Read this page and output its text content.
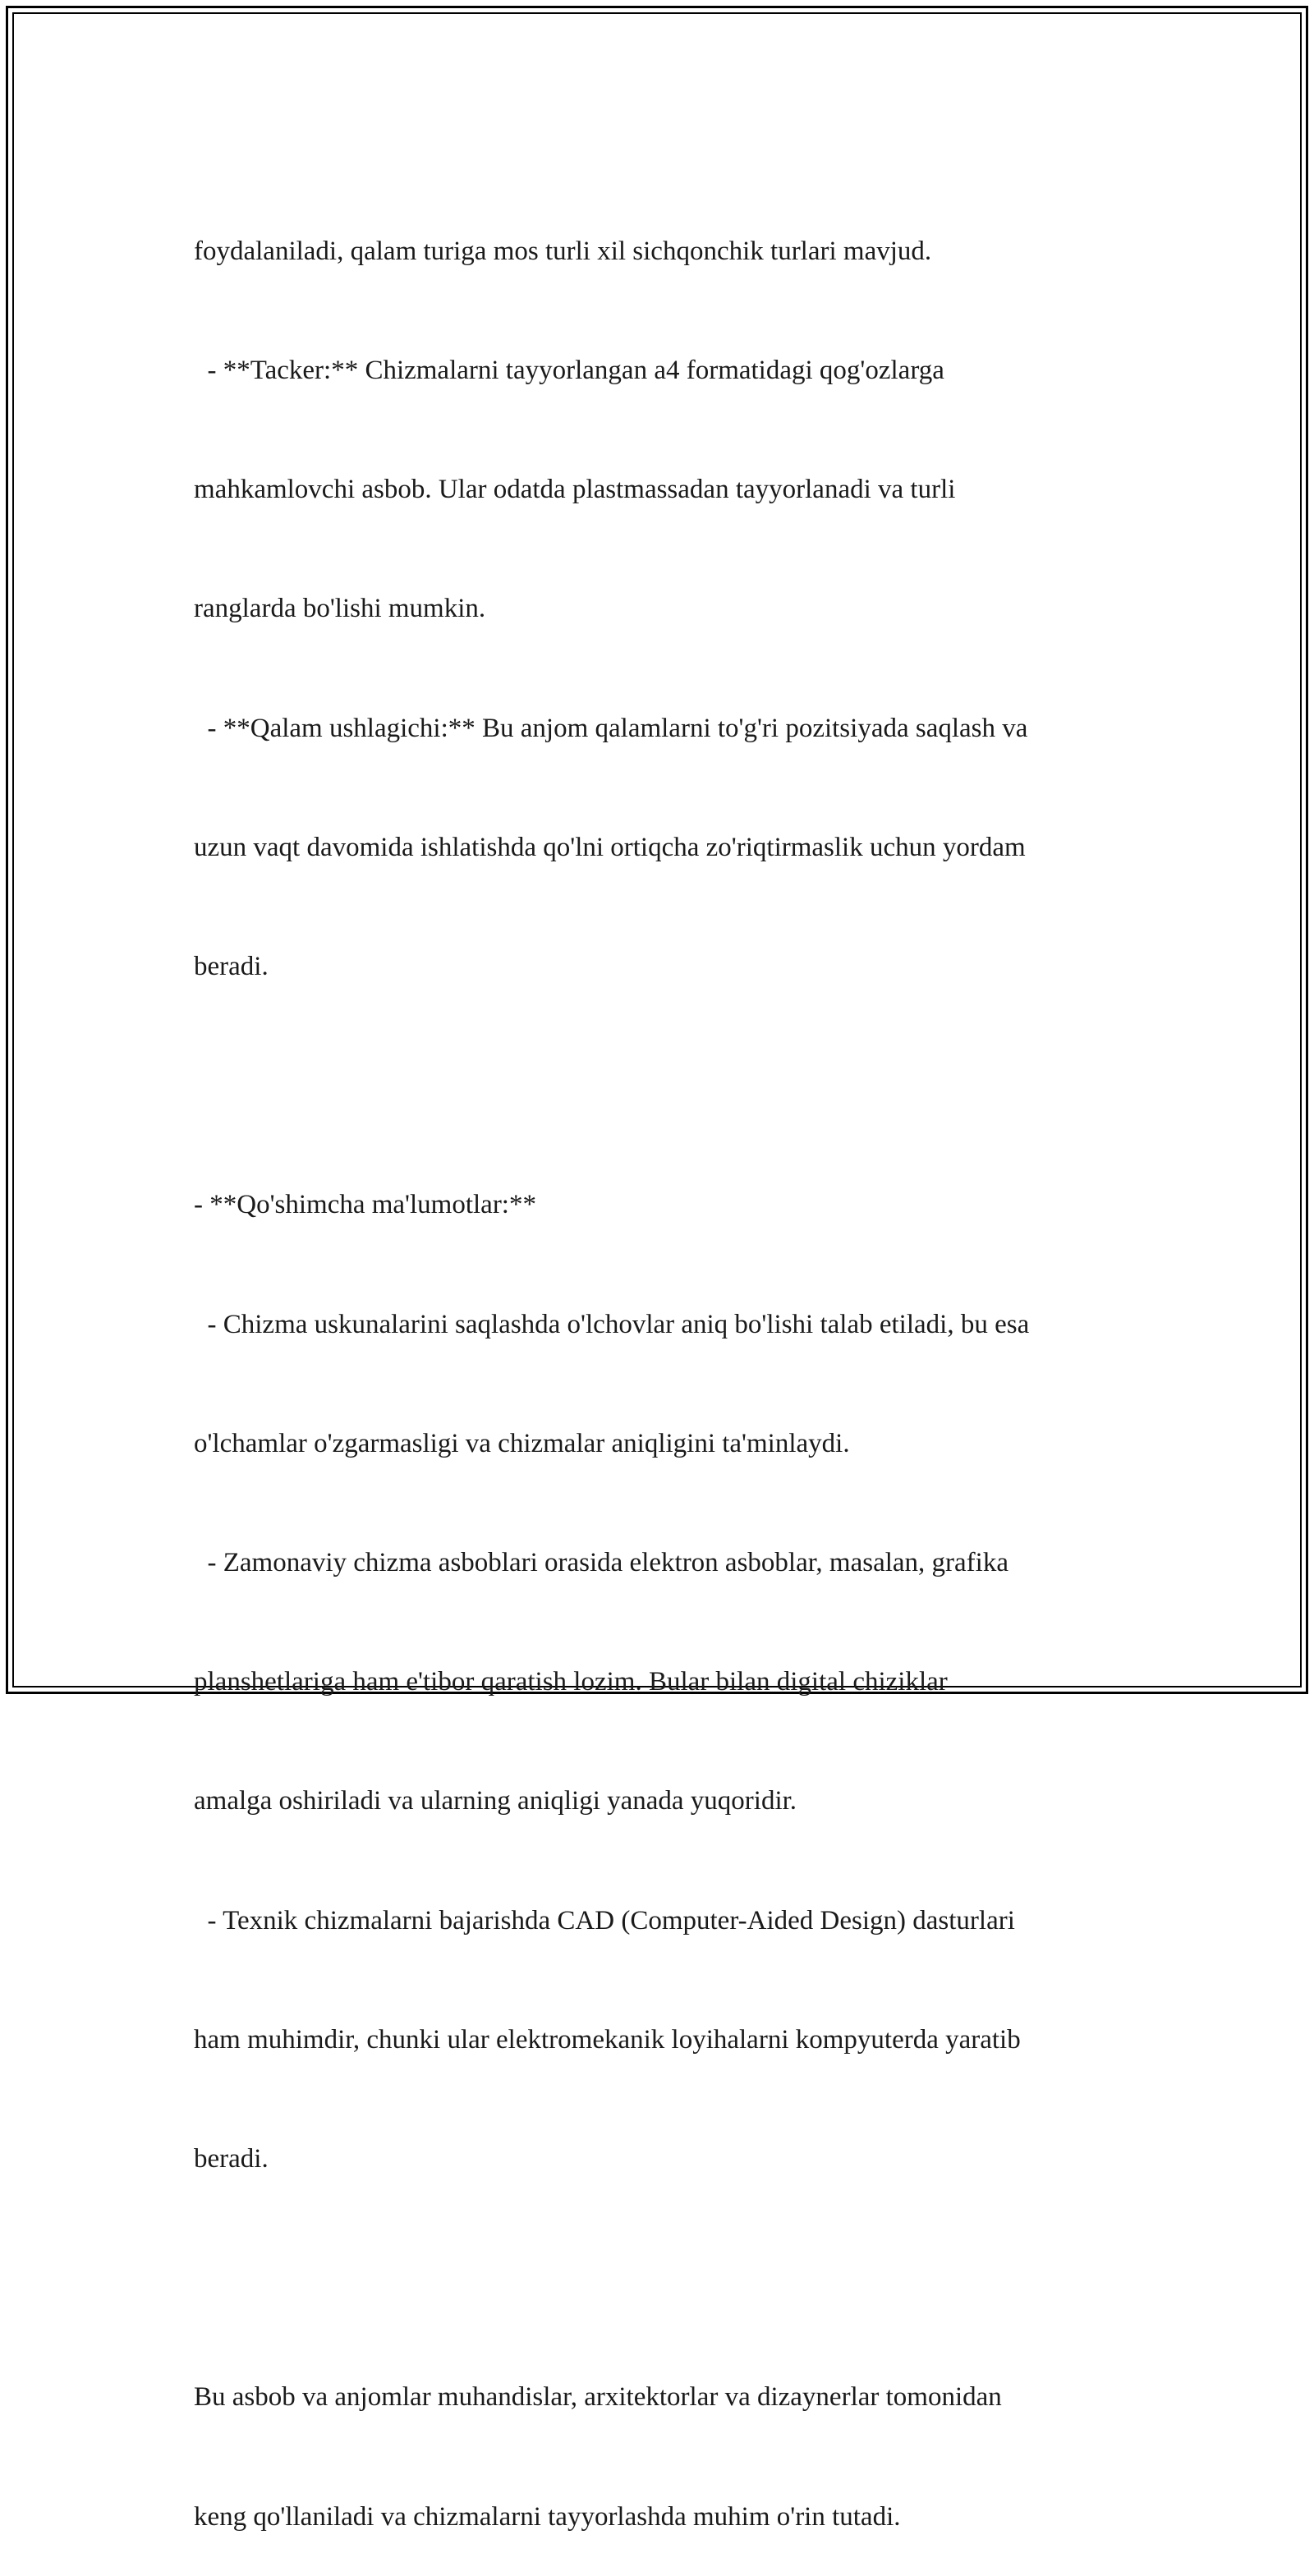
foydalaniladi, qalam turiga mos turli xil sichqonchik turlari mavjud.

- **Tacker:** Chizmalarni tayyorlangan a4 formatidagi qog'ozlarga

mahkamlovchi asbob. Ular odatda plastmassadan tayyorlanadi va turli

ranglarda bo'lishi mumkin.

- **Qalam ushlagichi:** Bu anjom qalamlarni to'g'ri pozitsiyada saqlash va

uzun vaqt davomida ishlatishda qo'lni ortiqcha zo'riqtirmaslik uchun yordam

beradi.

- **Qo'shimcha ma'lumotlar:**

- Chizma uskunalarini saqlashda o'lchovlar aniq bo'lishi talab etiladi, bu esa

o'lchamlar o'zgarmasligi va chizmalar aniqligini ta'minlaydi.

- Zamonaviy chizma asboblari orasida elektron asboblar, masalan, grafika

planshetlariga ham e'tibor qaratish lozim. Bular bilan digital chiziklar

amalga oshiriladi va ularning aniqligi yanada yuqoridir.

- Texnik chizmalarni bajarishda CAD (Computer-Aided Design) dasturlari

ham muhimdir, chunki ular elektromekanik loyihalarni kompyuterda yaratib

beradi.

Bu asbob va anjomlar muhandislar, arxitektorlar va dizaynerlar tomonidan

keng qo'llaniladi va chizmalarni tayyorlashda muhim o'rin tutadi.
